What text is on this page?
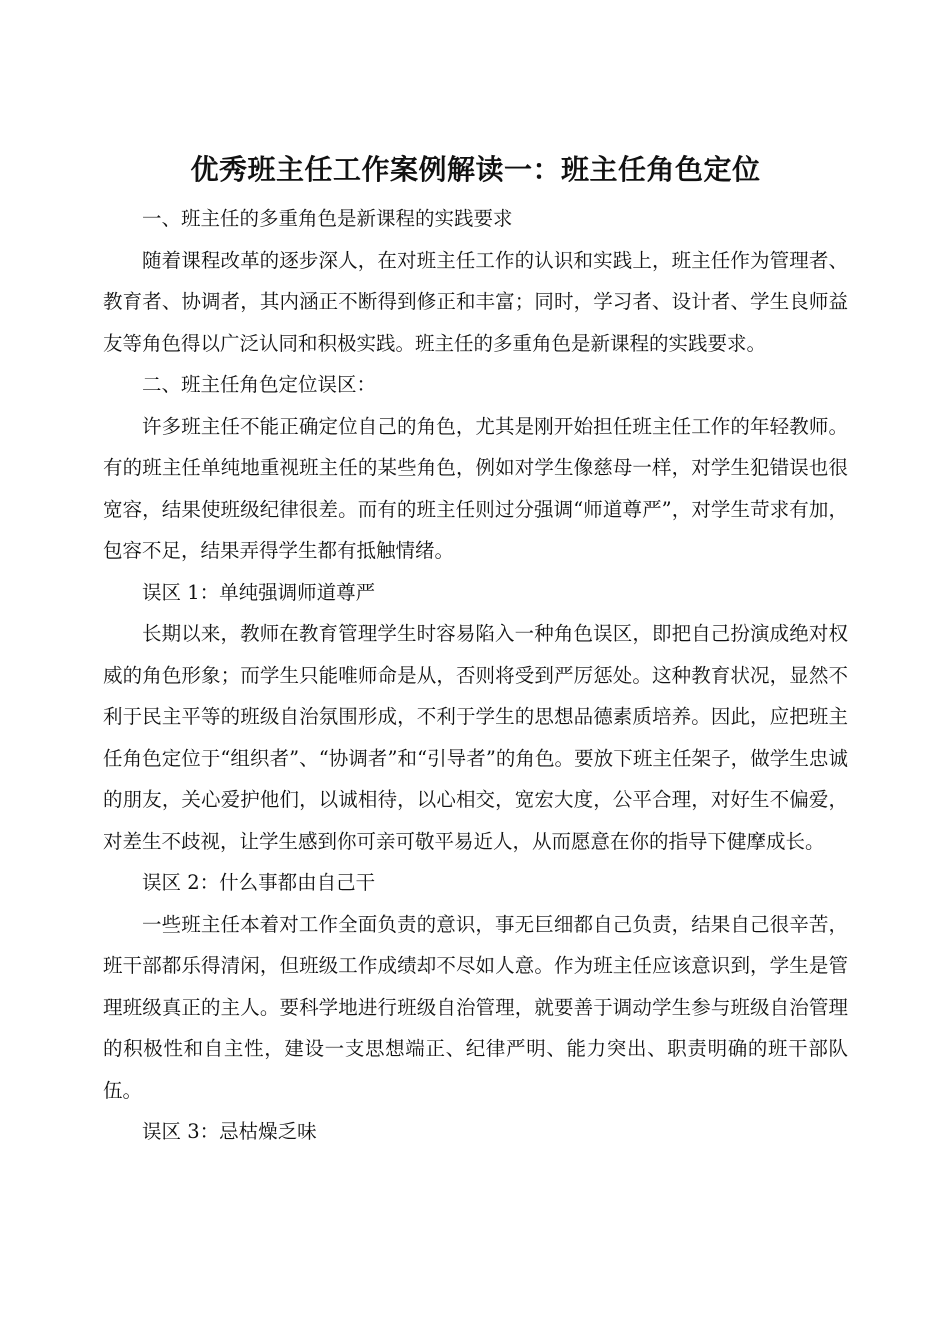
优秀班主任工作案例解读一：班主任角色定位

一、班主任的多重角色是新课程的实践要求

随着课程改革的逐步深人，在对班主任工作的认识和实践上，班主任作为管理者、教育者、协调者，其内涵正不断得到修正和丰富；同时，学习者、设计者、学生良师益友等角色得以广泛认同和积极实践。班主任的多重角色是新课程的实践要求。

二、班主任角色定位误区：

许多班主任不能正确定位自己的角色，尤其是刚开始担任班主任工作的年轻教师。有的班主任单纯地重视班主任的某些角色，例如对学生像慈母一样，对学生犯错误也很宽容，结果使班级纪律很差。而有的班主任则过分强调“师道尊严”，对学生苛求有加，包容不足，结果弄得学生都有抵触情绪。

误区 1：单纯强调师道尊严

长期以来，教师在教育管理学生时容易陷入一种角色误区，即把自己扮演成绝对权威的角色形象；而学生只能唯师命是从，否则将受到严厉惩处。这种教育状况，显然不利于民主平等的班级自治氛围形成，不利于学生的思想品德素质培养。因此，应把班主任角色定位于“组织者”、“协调者”和“引导者”的角色。要放下班主任架子，做学生忠诚的朋友，关心爱护他们，以诚相待，以心相交，宽宏大度，公平合理，对好生不偏爱，对差生不歧视，让学生感到你可亲可敬平易近人，从而愿意在你的指导下健摩成长。

误区 2：什么事都由自己干

一些班主任本着对工作全面负责的意识，事无巨细都自己负责，结果自己很辛苦，班干部都乐得清闲，但班级工作成绩却不尽如人意。作为班主任应该意识到，学生是管理班级真正的主人。要科学地进行班级自治管理，就要善于调动学生参与班级自治管理的积极性和自主性，建设一支思想端正、纪律严明、能力突出、职责明确的班干部队伍。

误区 3：忌枯燥乏味
